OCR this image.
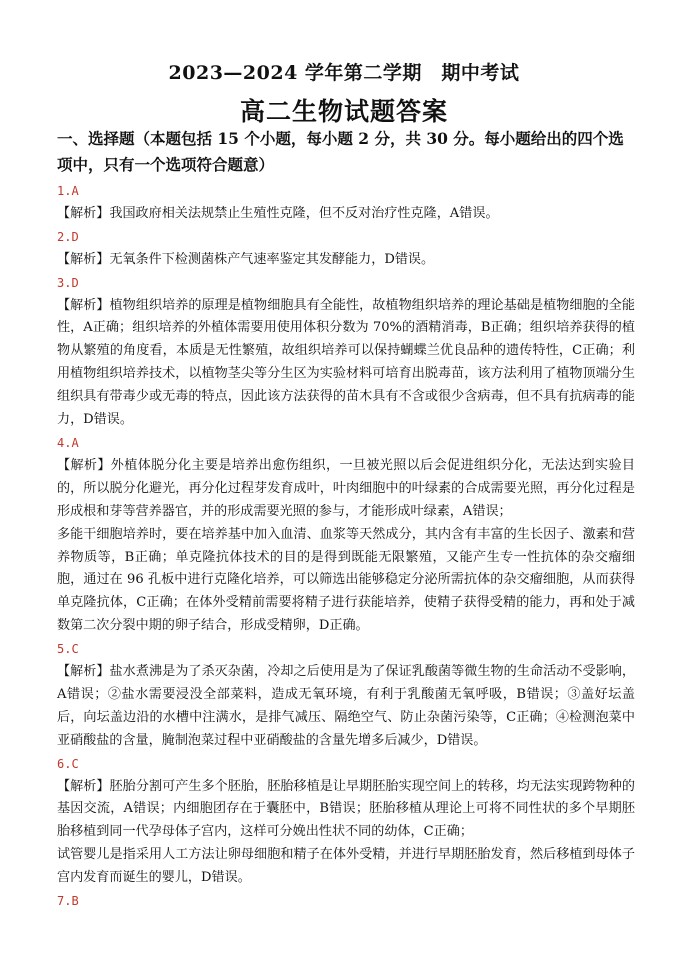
2023—2024 学年第二学期　期中考试
高二生物试题答案
一、选择题（本题包括 15 个小题，每小题 2 分，共 30 分。每小题给出的四个选项中，只有一个选项符合题意）
1.A

【解析】我国政府相关法规禁止生殖性克隆，但不反对治疗性克隆，A错误。

2.D

【解析】无氧条件下检测菌株产气速率鉴定其发酵能力，D错误。

3.D

【解析】植物组织培养的原理是植物细胞具有全能性，故植物组织培养的理论基础是植物细胞的全能性，A正确；组织培养的外植体需要用使用体积分数为 70%的酒精消毒，B正确；组织培养获得的植物从繁殖的角度看，本质是无性繁殖，故组织培养可以保持蝴蝶兰优良品种的遗传特性，C正确；利用植物组织培养技术，以植物茎尖等分生区为实验材料可培育出脱毒苗，该方法利用了植物顶端分生组织具有带毒少或无毒的特点，因此该方法获得的苗木具有不含或很少含病毒，但不具有抗病毒的能力，D错误。

4.A

【解析】外植体脱分化主要是培养出愈伤组织，一旦被光照以后会促进组织分化，无法达到实验目的，所以脱分化避光，再分化过程芽发育成叶，叶肉细胞中的叶绿素的合成需要光照，再分化过程是形成根和芽等营养器官，并的形成需要光照的参与，才能形成叶绿素，A错误；

多能干细胞培养时，要在培养基中加入血清、血浆等天然成分，其内含有丰富的生长因子、激素和营养物质等，B正确；单克隆抗体技术的目的是得到既能无限繁殖，又能产生专一性抗体的杂交瘤细胞，通过在 96 孔板中进行克隆化培养，可以筛选出能够稳定分泌所需抗体的杂交瘤细胞，从而获得单克隆抗体，C正确；在体外受精前需要将精子进行获能培养，使精子获得受精的能力，再和处于减数第二次分裂中期的卵子结合，形成受精卵，D正确。

5.C

【解析】盐水煮沸是为了杀灭杂菌，冷却之后使用是为了保证乳酸菌等微生物的生命活动不受影响，A错误；②盐水需要浸没全部菜料，造成无氧环境，有利于乳酸菌无氧呼吸，B错误；③盖好坛盖后，向坛盖边沿的水槽中注满水，是排气减压、隔绝空气、防止杂菌污染等，C正确；④检测泡菜中亚硝酸盐的含量，腌制泡菜过程中亚硝酸盐的含量先增多后减少，D错误。

6.C

【解析】胚胎分割可产生多个胚胎，胚胎移植是让早期胚胎实现空间上的转移，均无法实现跨物种的基因交流，A错误；内细胞团存在于囊胚中，B错误；胚胎移植从理论上可将不同性状的多个早期胚胎移植到同一代孕母体子宫内，这样可分娩出性状不同的幼体，C正确；

试管婴儿是指采用人工方法让卵母细胞和精子在体外受精，并进行早期胚胎发育，然后移植到母体子宫内发育而诞生的婴儿，D错误。

7.B
